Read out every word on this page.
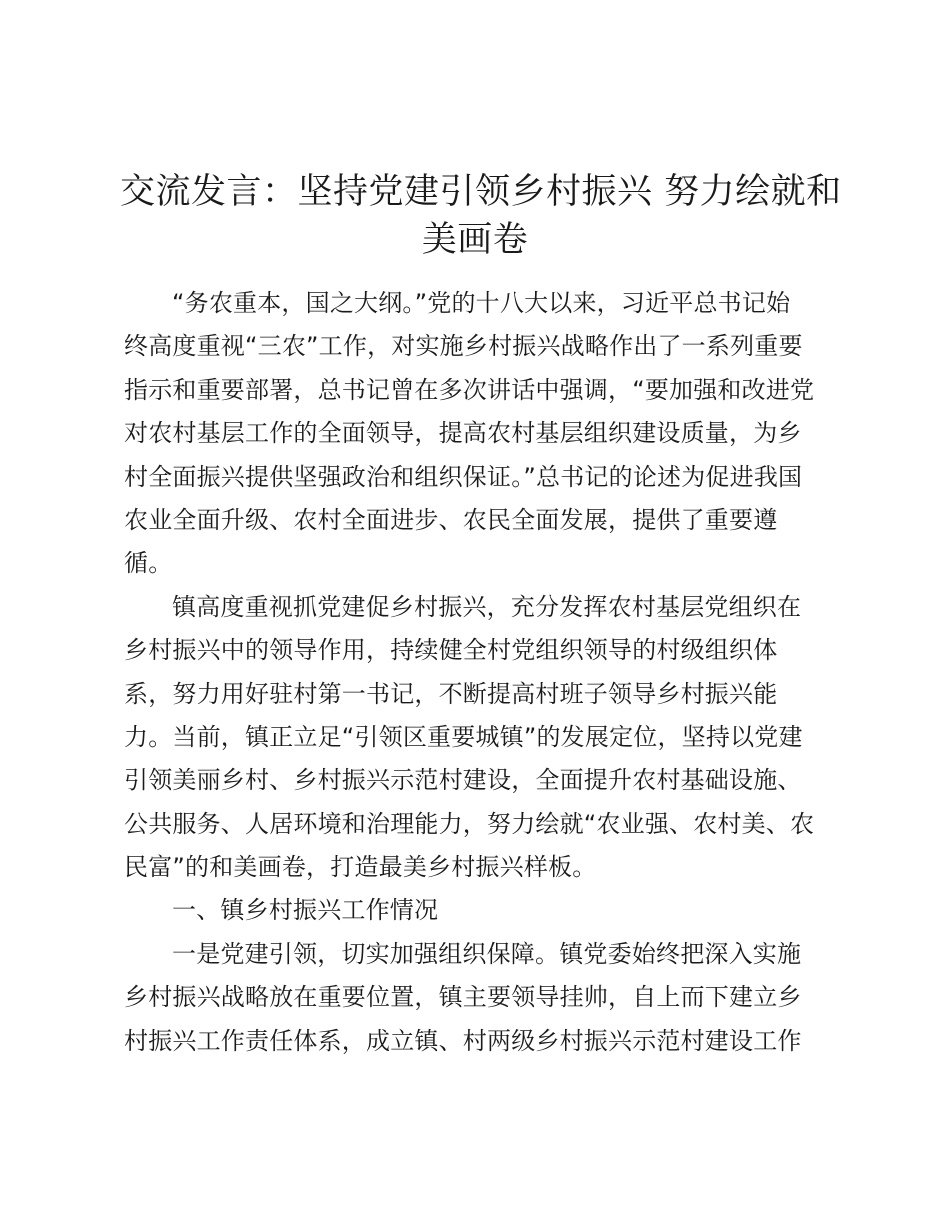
交流发言：坚持党建引领乡村振兴 努力绘就和
美画卷

“务农重本，国之大纲。”党的十八大以来，习近平总书记始

终高度重视“三农”工作，对实施乡村振兴战略作出了一系列重要

指示和重要部署，总书记曾在多次讲话中强调，“要加强和改进党

对农村基层工作的全面领导，提高农村基层组织建设质量，为乡

村全面振兴提供坚强政治和组织保证。”总书记的论述为促进我国

农业全面升级、农村全面进步、农民全面发展，提供了重要遵

循。

镇高度重视抓党建促乡村振兴，充分发挥农村基层党组织在

乡村振兴中的领导作用，持续健全村党组织领导的村级组织体

系，努力用好驻村第一书记，不断提高村班子领导乡村振兴能

力。当前，镇正立足“引领区重要城镇”的发展定位，坚持以党建

引领美丽乡村、乡村振兴示范村建设，全面提升农村基础设施、

公共服务、人居环境和治理能力，努力绘就“农业强、农村美、农

民富”的和美画卷，打造最美乡村振兴样板。

一、镇乡村振兴工作情况

一是党建引领，切实加强组织保障。镇党委始终把深入实施

乡村振兴战略放在重要位置，镇主要领导挂帅，自上而下建立乡

村振兴工作责任体系，成立镇、村两级乡村振兴示范村建设工作
